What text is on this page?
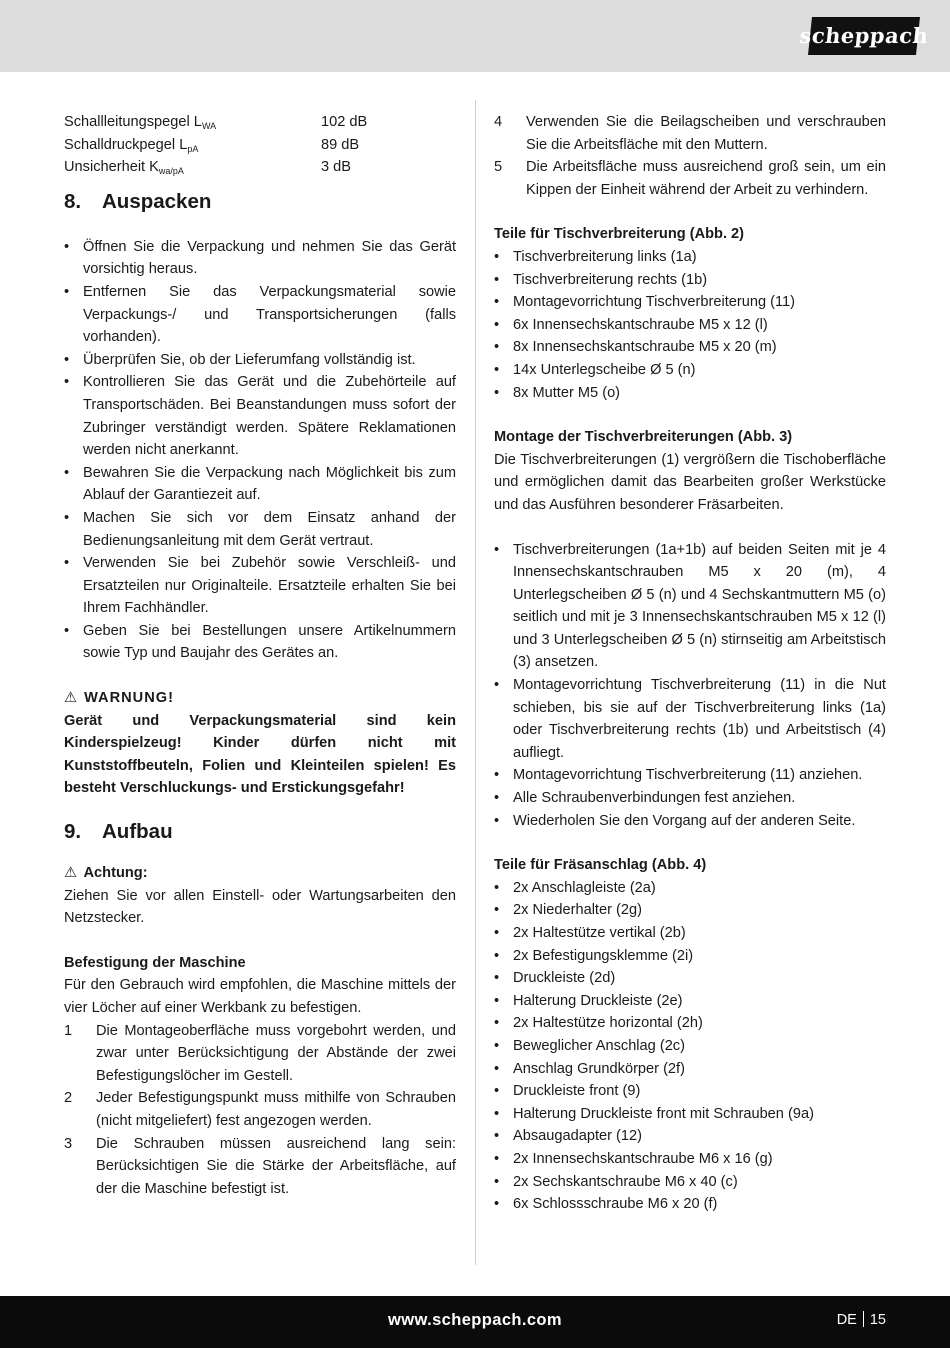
scheppach
Schallleitungspegel $L_{WA}$	102 dB
Schalldruckpegel $L_{pA}$	89 dB
Unsicherheit $K_{wa/pA}$	3 dB
8. Auspacken
• Öffnen Sie die Verpackung und nehmen Sie das Gerät vorsichtig heraus.
• Entfernen Sie das Verpackungsmaterial sowie Verpackungs-/ und Transportsicherungen (falls vorhanden).
• Überprüfen Sie, ob der Lieferumfang vollständig ist.
• Kontrollieren Sie das Gerät und die Zubehörteile auf Transportschäden. Bei Beanstandungen muss sofort der Zubringer verständigt werden. Spätere Reklamationen werden nicht anerkannt.
• Bewahren Sie die Verpackung nach Möglichkeit bis zum Ablauf der Garantiezeit auf.
• Machen Sie sich vor dem Einsatz anhand der Bedienungsanleitung mit dem Gerät vertraut.
• Verwenden Sie bei Zubehör sowie Verschleiß- und Ersatzteilen nur Originalteile. Ersatzteile erhalten Sie bei Ihrem Fachhändler.
• Geben Sie bei Bestellungen unsere Artikelnummern sowie Typ und Baujahr des Gerätes an.
⚠ WARNUNG!

Gerät und Verpackungsmaterial sind kein Kinderspielzeug! Kinder dürfen nicht mit Kunststoffbeuteln, Folien und Kleinteilen spielen! Es besteht Verschluckungs- und Erstickungsgefahr!

9. Aufbau
⚠ Achtung:

Ziehen Sie vor allen Einstell- oder Wartungsarbeiten den Netzstecker.

Befestigung der Maschine

Für den Gebrauch wird empfohlen, die Maschine mittels der vier Löcher auf einer Werkbank zu befestigen.

1 Die Montageoberfläche muss vorgebohrt werden, und zwar unter Berücksichtigung der Abstände der zwei Befestigungslöcher im Gestell.
2 Jeder Befestigungspunkt muss mithilfe von Schrauben (nicht mitgeliefert) fest angezogen werden.
3 Die Schrauben müssen ausreichend lang sein: Berücksichtigen Sie die Stärke der Arbeitsfläche, auf der die Maschine befestigt ist.
4 Verwenden Sie die Beilagscheiben und verschrauben Sie die Arbeitsfläche mit den Muttern.
5 Die Arbeitsfläche muss ausreichend groß sein, um ein Kippen der Einheit während der Arbeit zu verhindern.
Teile für Tischverbreiterung (Abb. 2)
• Tischverbreiterung links (1a)
• Tischverbreiterung rechts (1b)
• Montagevorrichtung Tischverbreiterung (11)
• 6x Innensechskantschraube M5 x 12 (l)
• 8x Innensechskantschraube M5 x 20 (m)
• 14x Unterlegscheibe Ø 5 (n)
• 8x Mutter M5 (o)
Montage der Tischverbreiterungen (Abb. 3)

Die Tischverbreiterungen (1) vergrößern die Tischoberfläche und ermöglichen damit das Bearbeiten großer Werkstücke und das Ausführen besonderer Fräsarbeiten.

• Tischverbreiterungen (1a+1b) auf beiden Seiten mit je 4 Innensechskantschrauben M5 x 20 (m), 4 Unterlegscheiben Ø 5 (n) und 4 Sechskantmuttern M5 (o) seitlich und mit je 3 Innensechskantschrauben M5 x 12 (l) und 3 Unterlegscheiben Ø 5 (n) stirnseitig am Arbeitstisch (3) ansetzen.
• Montagevorrichtung Tischverbreiterung (11) in die Nut schieben, bis sie auf der Tischverbreiterung links (1a) oder Tischverbreiterung rechts (1b) und Arbeitstisch (4) aufliegt.
• Montagevorrichtung Tischverbreiterung (11) anziehen.
• Alle Schraubenverbindungen fest anziehen.
• Wiederholen Sie den Vorgang auf der anderen Seite.
Teile für Fräsanschlag (Abb. 4)
• 2x Anschlagleiste (2a)
• 2x Niederhalter (2g)
• 2x Haltestütze vertikal (2b)
• 2x Befestigungsklemme (2i)
• Druckleiste (2d)
• Halterung Druckleiste (2e)
• 2x Haltestütze horizontal (2h)
• Beweglicher Anschlag (2c)
• Anschlag Grundkörper (2f)
• Druckleiste front (9)
• Halterung Druckleiste front mit Schrauben (9a)
• Absaugadapter (12)
• 2x Innensechskantschraube M6 x 16 (g)
• 2x Sechskantschraube M6 x 40 (c)
• 6x Schlossschraube M6 x 20 (f)
www.scheppach.com	DE 15
